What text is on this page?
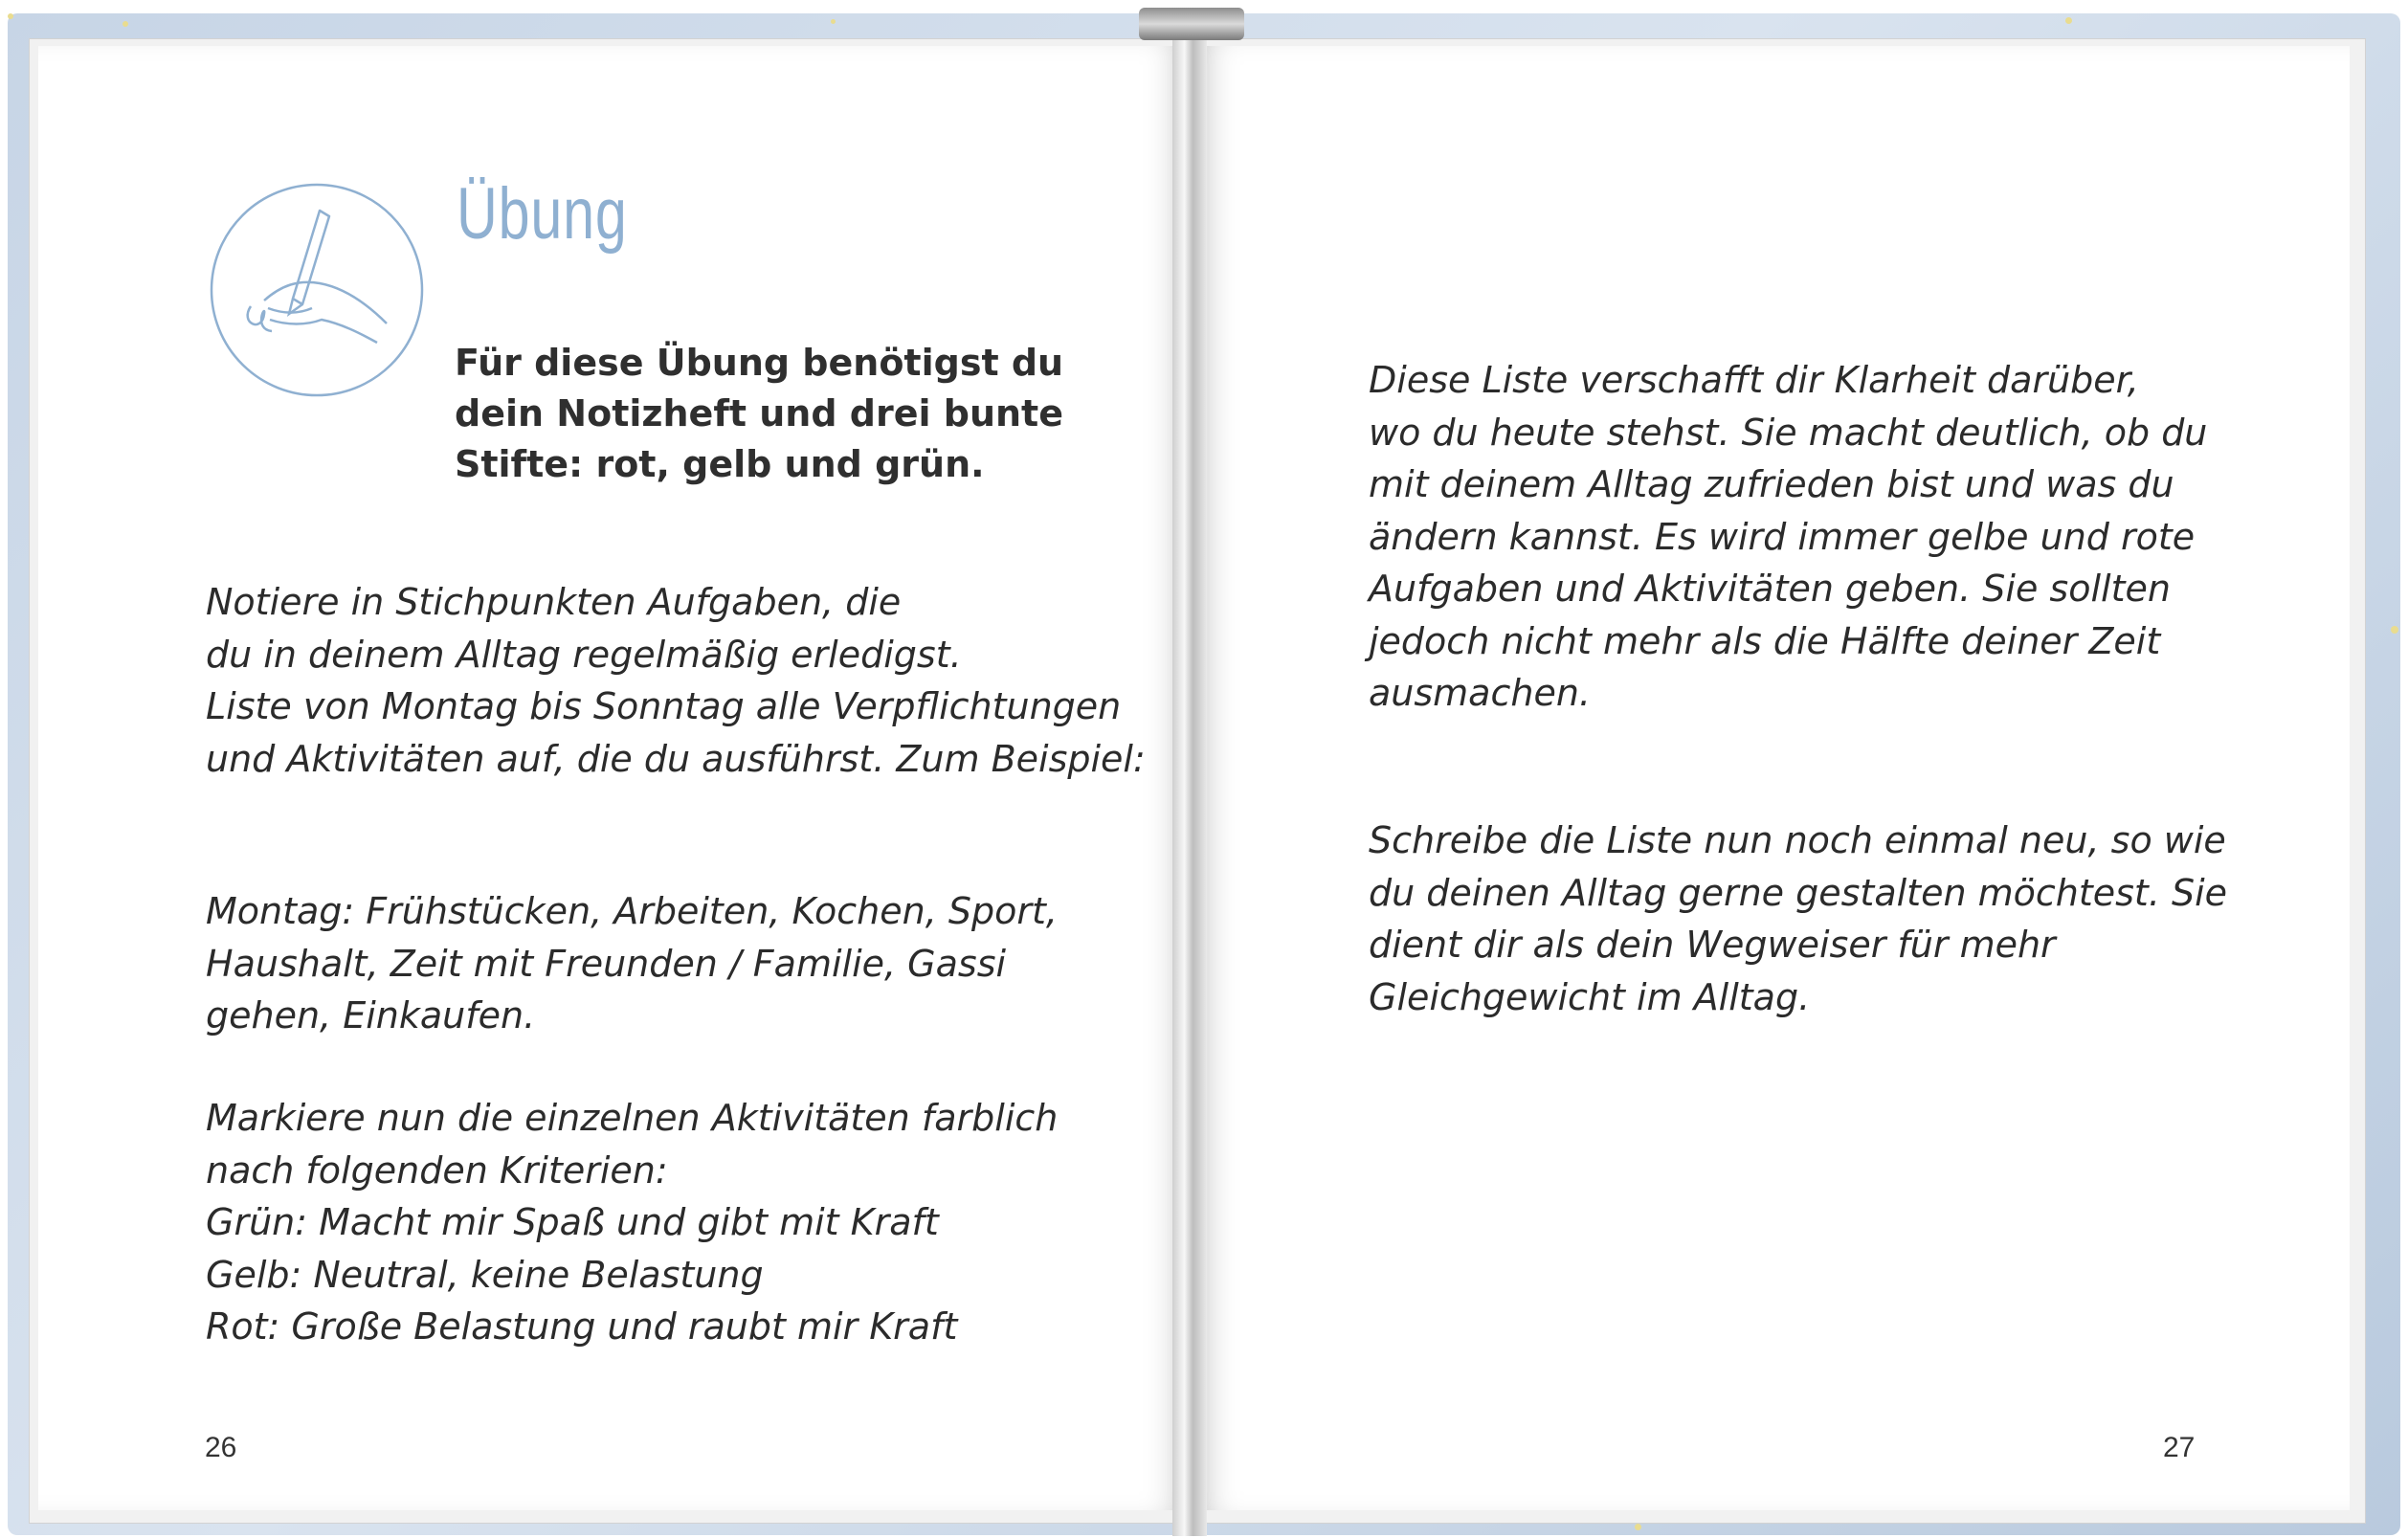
Übung
Für diese Übung benötigst du
dein Notizheft und drei bunte
Stifte: rot, gelb und grün.
Notiere in Stichpunkten Aufgaben, die
du in deinem Alltag regelmäßig erledigst.
Liste von Montag bis Sonntag alle Verpflichtungen
und Aktivitäten auf, die du ausführst. Zum Beispiel:
Montag: Frühstücken, Arbeiten, Kochen, Sport,
Haushalt, Zeit mit Freunden / Familie, Gassi
gehen, Einkaufen.
Markiere nun die einzelnen Aktivitäten farblich
nach folgenden Kriterien:
Grün: Macht mir Spaß und gibt mit Kraft
Gelb: Neutral, keine Belastung
Rot: Große Belastung und raubt mir Kraft
26
Diese Liste verschafft dir Klarheit darüber,
wo du heute stehst. Sie macht deutlich, ob du
mit deinem Alltag zufrieden bist und was du
ändern kannst. Es wird immer gelbe und rote
Aufgaben und Aktivitäten geben. Sie sollten
jedoch nicht mehr als die Hälfte deiner Zeit
ausmachen.
Schreibe die Liste nun noch einmal neu, so wie
du deinen Alltag gerne gestalten möchtest. Sie
dient dir als dein Wegweiser für mehr
Gleichgewicht im Alltag.
27
